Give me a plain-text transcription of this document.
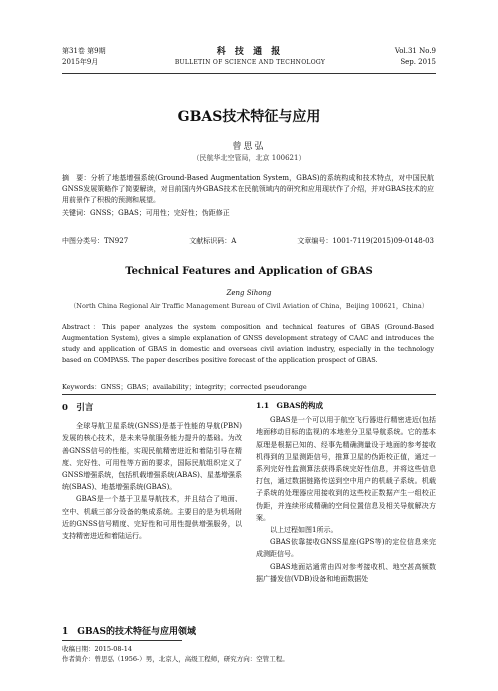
第31卷 第9期
2015年9月
科 技 通 报
BULLETIN OF SCIENCE AND TECHNOLOGY
Vol.31 No.9
Sep. 2015
GBAS技术特征与应用
曾思弘
（民航华北空管局，北京 100621）
摘　要：分析了地基增强系统(Ground-Based Augmentation System，GBAS)的系统构成和技术特点，对中国民航GNSS发展策略作了简要解读，对目前国内外GBAS技术在民航领域内的研究和应用现状作了介绍，并对GBAS技术的应用前景作了积极的预测和展望。
关键词：GNSS；GBAS；可用性；完好性；伪距修正
中图分类号：TN927	文献标识码：A	文章编号：1001-7119(2015)09-0148-03
Technical Features and Application of GBAS
Zeng Sihong
（North China Regional Air Traffic Management Bureau of Civil Aviation of China，Beijing 100621，China）
Abstract：This paper analyzes the system composition and technical features of GBAS (Ground-Based Augmentation System), gives a simple explanation of GNSS development strategy of CAAC and introduces the study and application of GBAS in domestic and overseas civil aviation industry, especially in the technology based on COMPASS. The paper describes positive forecast of the application prospect of GBAS.
Keywords：GNSS；GBAS；availability；integrity；corrected pseudorange
0　引言

全球导航卫星系统(GNSS)是基于性能的导航(PBN)发展的核心技术，是未来导航服务能力提升的基础。为改善GNSS信号的性能，实现民航精密进近和着陆引导在精度、完好性、可用性等方面的要求，国际民航组织定义了GNSS增强系统，包括机载增强系统(ABAS)、星基增强系统(SBAS)、地基增强系统(GBAS)。

GBAS是一个基于卫星导航技术，并且结合了地面、空中、机载三部分设备的集成系统。主要目的是为机场附近的GNSS信号精度、完好性和可用性提供增强服务，以支持精密进近和着陆运行。

1　GBAS的技术特征与应用领域
1.1　GBAS的构成

GBAS是一个可以用于航空飞行器进行精密进近(包括地面移动目标的监视)的本地差分卫星导航系统。它的基本原理是根据已知的、经事先精确测量设于地面的参考接收机得到的卫星测距信号，推算卫星的伪距校正值，通过一系列完好性监测算法获得系统完好性信息，并将这些信息打包，通过数据链路传送到空中用户的机载子系统。机载子系统的处理器应用接收到的这些校正数据产生一组校正伪距，并连续形成精确的空间位置信息及相关导航解决方案。

以上过程如图1所示。

GBAS依靠接收GNSS星座(GPS等)的定位信息来完成测距信号。

GBAS地面站通常由四对参考接收机、地空甚高频数据广播发信(VDB)设备和地面数据处

收稿日期：2015-08-14
作者简介：曾思弘（1956-）男，北京人，高级工程师，研究方向：空管工程。
